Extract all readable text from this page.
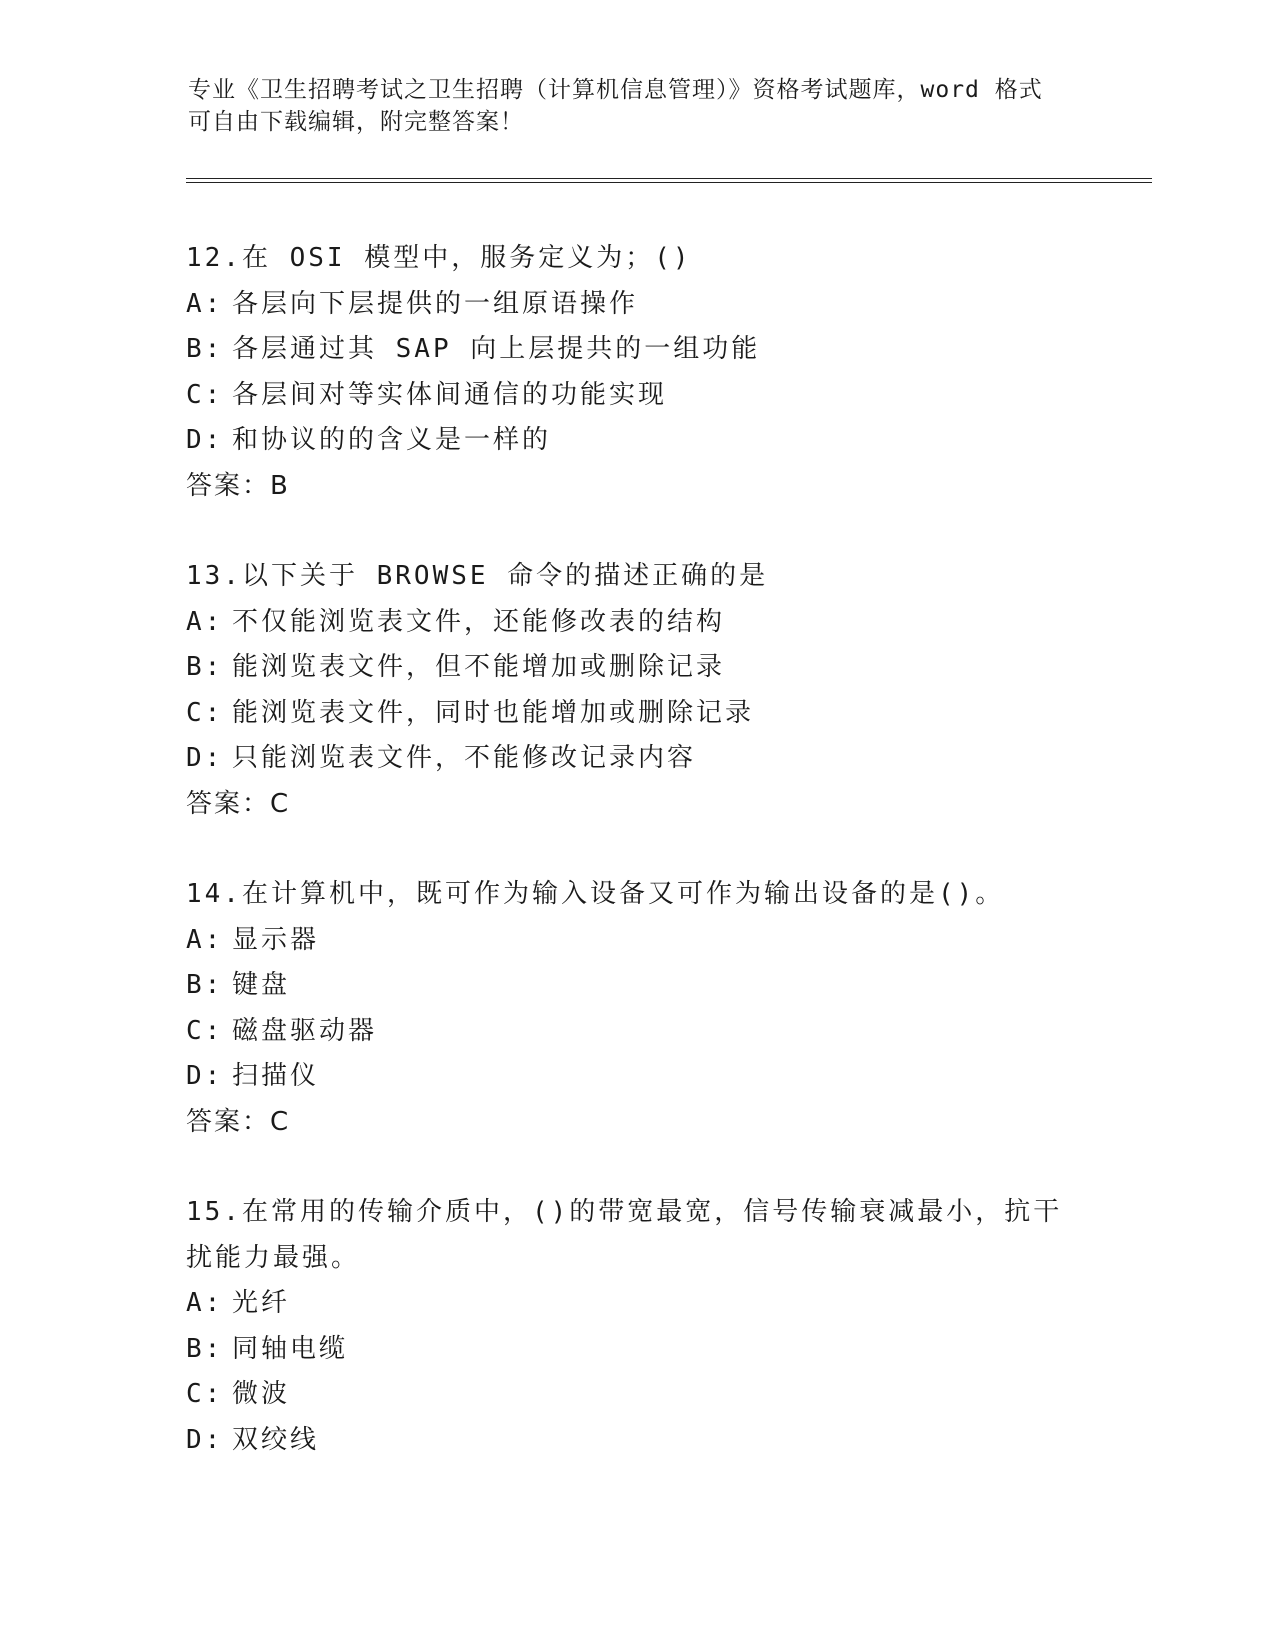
专业《卫生招聘考试之卫生招聘（计算机信息管理）》资格考试题库，word 格式
可自由下载编辑，附完整答案！
12.在 OSI 模型中，服务定义为；()
A: 各层向下层提供的一组原语操作
B: 各层通过其 SAP 向上层提共的一组功能
C: 各层间对等实体间通信的功能实现
D: 和协议的的含义是一样的
答案：B
13.以下关于 BROWSE 命令的描述正确的是
A: 不仅能浏览表文件，还能修改表的结构
B: 能浏览表文件，但不能增加或删除记录
C: 能浏览表文件，同时也能增加或删除记录
D: 只能浏览表文件，不能修改记录内容
答案：C
14.在计算机中，既可作为输入设备又可作为输出设备的是()。
A: 显示器
B: 键盘
C: 磁盘驱动器
D: 扫描仪
答案：C
15.在常用的传输介质中，()的带宽最宽，信号传输衰减最小，抗干扰能力最强。
A: 光纤
B: 同轴电缆
C: 微波
D: 双绞线
